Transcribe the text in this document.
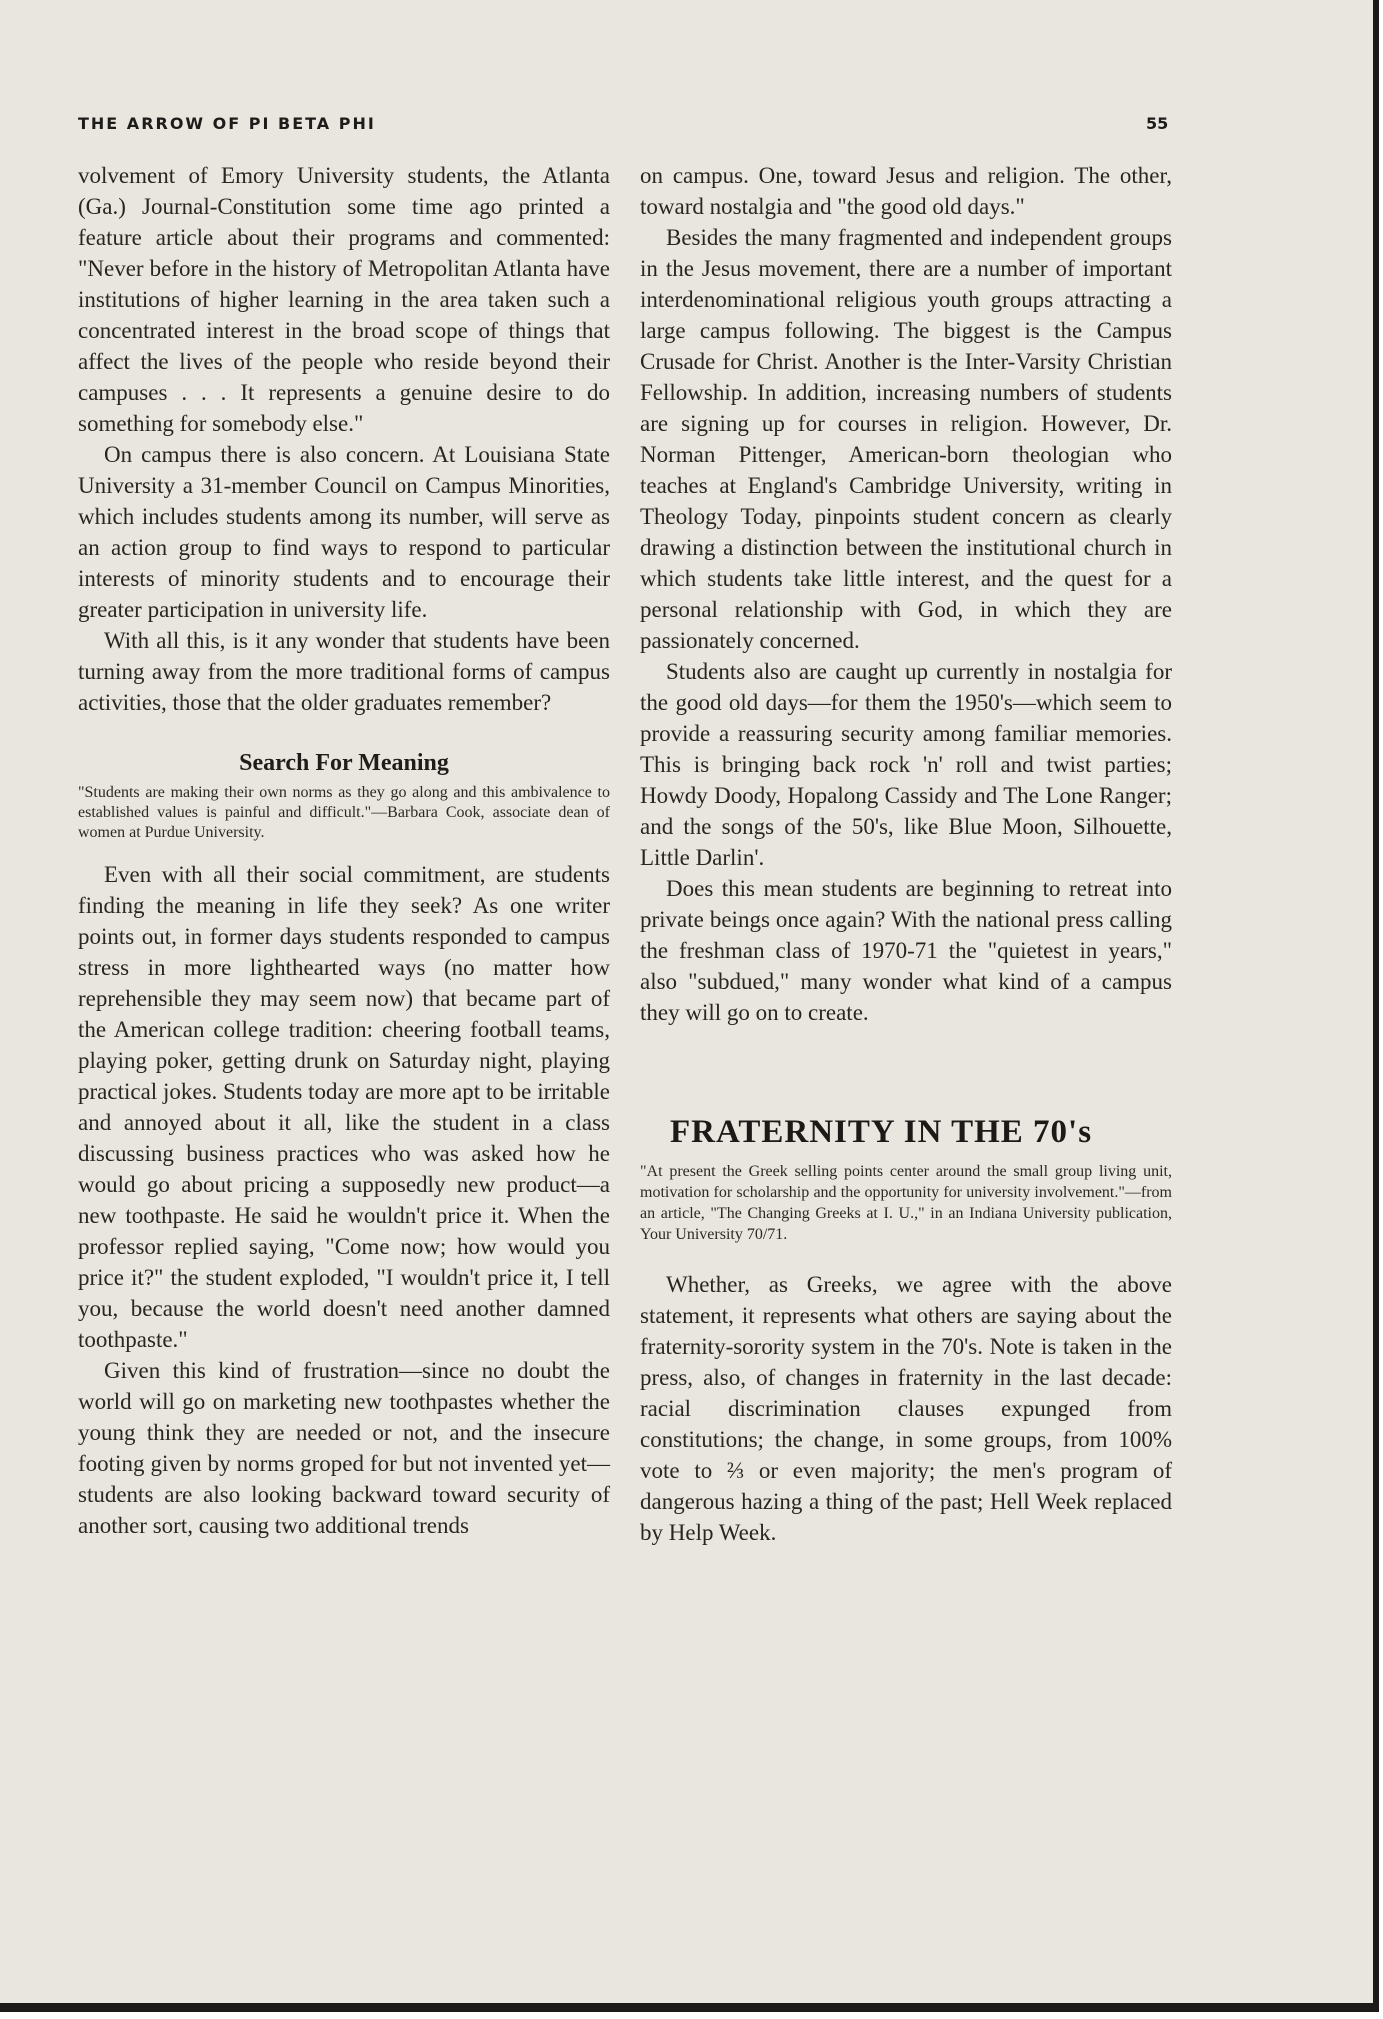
THE ARROW OF PI BETA PHI	55

volvement of Emory University students, the Atlanta (Ga.) Journal-Constitution some time ago printed a feature article about their programs and commented: "Never before in the history of Metropolitan Atlanta have institutions of higher learning in the area taken such a concentrated interest in the broad scope of things that affect the lives of the people who reside beyond their campuses . . . It represents a genuine desire to do something for somebody else."

On campus there is also concern. At Louisiana State University a 31-member Council on Campus Minorities, which includes students among its number, will serve as an action group to find ways to respond to particular interests of minority students and to encourage their greater participation in university life.

With all this, is it any wonder that students have been turning away from the more traditional forms of campus activities, those that the older graduates remember?

Search For Meaning
"Students are making their own norms as they go along and this ambivalence to established values is painful and difficult."—Barbara Cook, associate dean of women at Purdue University.

Even with all their social commitment, are students finding the meaning in life they seek? As one writer points out, in former days students responded to campus stress in more lighthearted ways (no matter how reprehensible they may seem now) that became part of the American college tradition: cheering football teams, playing poker, getting drunk on Saturday night, playing practical jokes. Students today are more apt to be irritable and annoyed about it all, like the student in a class discussing business practices who was asked how he would go about pricing a supposedly new product—a new toothpaste. He said he wouldn't price it. When the professor replied saying, "Come now; how would you price it?" the student exploded, "I wouldn't price it, I tell you, because the world doesn't need another damned toothpaste."

Given this kind of frustration—since no doubt the world will go on marketing new toothpastes whether the young think they are needed or not, and the insecure footing given by norms groped for but not invented yet—students are also looking backward toward security of another sort, causing two additional trends

on campus. One, toward Jesus and religion. The other, toward nostalgia and "the good old days."

Besides the many fragmented and independent groups in the Jesus movement, there are a number of important interdenominational religious youth groups attracting a large campus following. The biggest is the Campus Crusade for Christ. Another is the Inter-Varsity Christian Fellowship. In addition, increasing numbers of students are signing up for courses in religion. However, Dr. Norman Pittenger, American-born theologian who teaches at England's Cambridge University, writing in Theology Today, pinpoints student concern as clearly drawing a distinction between the institutional church in which students take little interest, and the quest for a personal relationship with God, in which they are passionately concerned.

Students also are caught up currently in nostalgia for the good old days—for them the 1950's—which seem to provide a reassuring security among familiar memories. This is bringing back rock 'n' roll and twist parties; Howdy Doody, Hopalong Cassidy and The Lone Ranger; and the songs of the 50's, like Blue Moon, Silhouette, Little Darlin'.

Does this mean students are beginning to retreat into private beings once again? With the national press calling the freshman class of 1970-71 the "quietest in years," also "subdued," many wonder what kind of a campus they will go on to create.

FRATERNITY IN THE 70's
"At present the Greek selling points center around the small group living unit, motivation for scholarship and the opportunity for university involvement."—from an article, "The Changing Greeks at I. U.," in an Indiana University publication, Your University 70/71.

Whether, as Greeks, we agree with the above statement, it represents what others are saying about the fraternity-sorority system in the 70's. Note is taken in the press, also, of changes in fraternity in the last decade: racial discrimination clauses expunged from constitutions; the change, in some groups, from 100% vote to ⅔ or even majority; the men's program of dangerous hazing a thing of the past; Hell Week replaced by Help Week.
